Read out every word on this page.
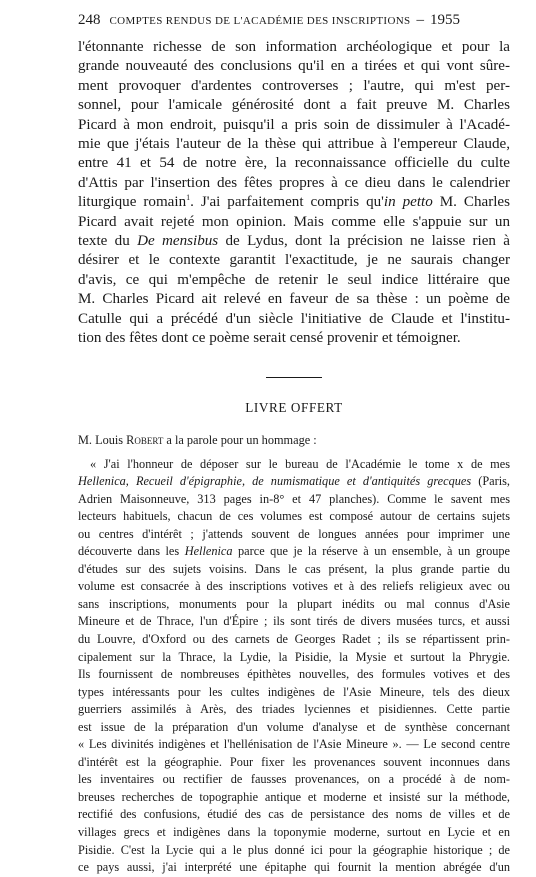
248 COMPTES RENDUS DE L'ACADÉMIE DES INSCRIPTIONS – 1955
l'étonnante richesse de son information archéologique et pour la
grande nouveauté des conclusions qu'il en a tirées et qui vont sûre-
ment provoquer d'ardentes controverses ; l'autre, qui m'est per-
sonnel, pour l'amicale générosité dont a fait preuve M. Charles
Picard à mon endroit, puisqu'il a pris soin de dissimuler à l'Acadé-
mie que j'étais l'auteur de la thèse qui attribue à l'empereur Claude,
entre 41 et 54 de notre ère, la reconnaissance officielle du culte
d'Attis par l'insertion des fêtes propres à ce dieu dans le calendrier
liturgique romain$^1$. J'ai parfaitement compris qu'in petto M. Charles
Picard avait rejeté mon opinion. Mais comme elle s'appuie sur un
texte du De mensibus de Lydus, dont la précision ne laisse rien à
désirer et le contexte garantit l'exactitude, je ne saurais changer
d'avis, ce qui m'empêche de retenir le seul indice littéraire que
M. Charles Picard ait relevé en faveur de sa thèse : un poème de
Catulle qui a précédé d'un siècle l'initiative de Claude et l'institu-
tion des fêtes dont ce poème serait censé provenir et témoigner.
LIVRE OFFERT
M. Louis Robert a la parole pour un hommage :
« J'ai l'honneur de déposer sur le bureau de l'Académie le tome x de mes
Hellenica, Recueil d'épigraphie, de numismatique et d'antiquités grecques (Paris,
Adrien Maisonneuve, 313 pages in-8° et 47 planches). Comme le savent mes
lecteurs habituels, chacun de ces volumes est composé autour de certains sujets
ou centres d'intérêt ; j'attends souvent de longues années pour imprimer une
découverte dans les Hellenica parce que je la réserve à un ensemble, à un groupe
d'études sur des sujets voisins. Dans le cas présent, la plus grande partie du
volume est consacrée à des inscriptions votives et à des reliefs religieux avec ou
sans inscriptions, monuments pour la plupart inédits ou mal connus d'Asie
Mineure et de Thrace, l'un d'Épire ; ils sont tirés de divers musées turcs, et aussi
du Louvre, d'Oxford ou des carnets de Georges Radet ; ils se répartissent prin-
cipalement sur la Thrace, la Lydie, la Pisidie, la Mysie et surtout la Phrygie.
Ils fournissent de nombreuses épithètes nouvelles, des formules votives et des
types intéressants pour les cultes indigènes de l'Asie Mineure, tels des dieux
guerriers assimilés à Arès, des triades lyciennes et pisidiennes. Cette partie
est issue de la préparation d'un volume d'analyse et de synthèse concernant
« Les divinités indigènes et l'hellénisation de l'Asie Mineure ». — Le second centre
d'intérêt est la géographie. Pour fixer les provenances souvent inconnues dans
les inventaires ou rectifier de fausses provenances, on a procédé à de nom-
breuses recherches de topographie antique et moderne et insisté sur la méthode,
rectifié des confusions, étudié des cas de persistance des noms de villes et de
villages grecs et indigènes dans la toponymie moderne, surtout en Lycie et en
Pisidie. C'est la Lycie qui a le plus donné ici pour la géographie historique ; de
ce pays aussi, j'ai interprété une épitaphe qui fournit la mention abrégée d'un
